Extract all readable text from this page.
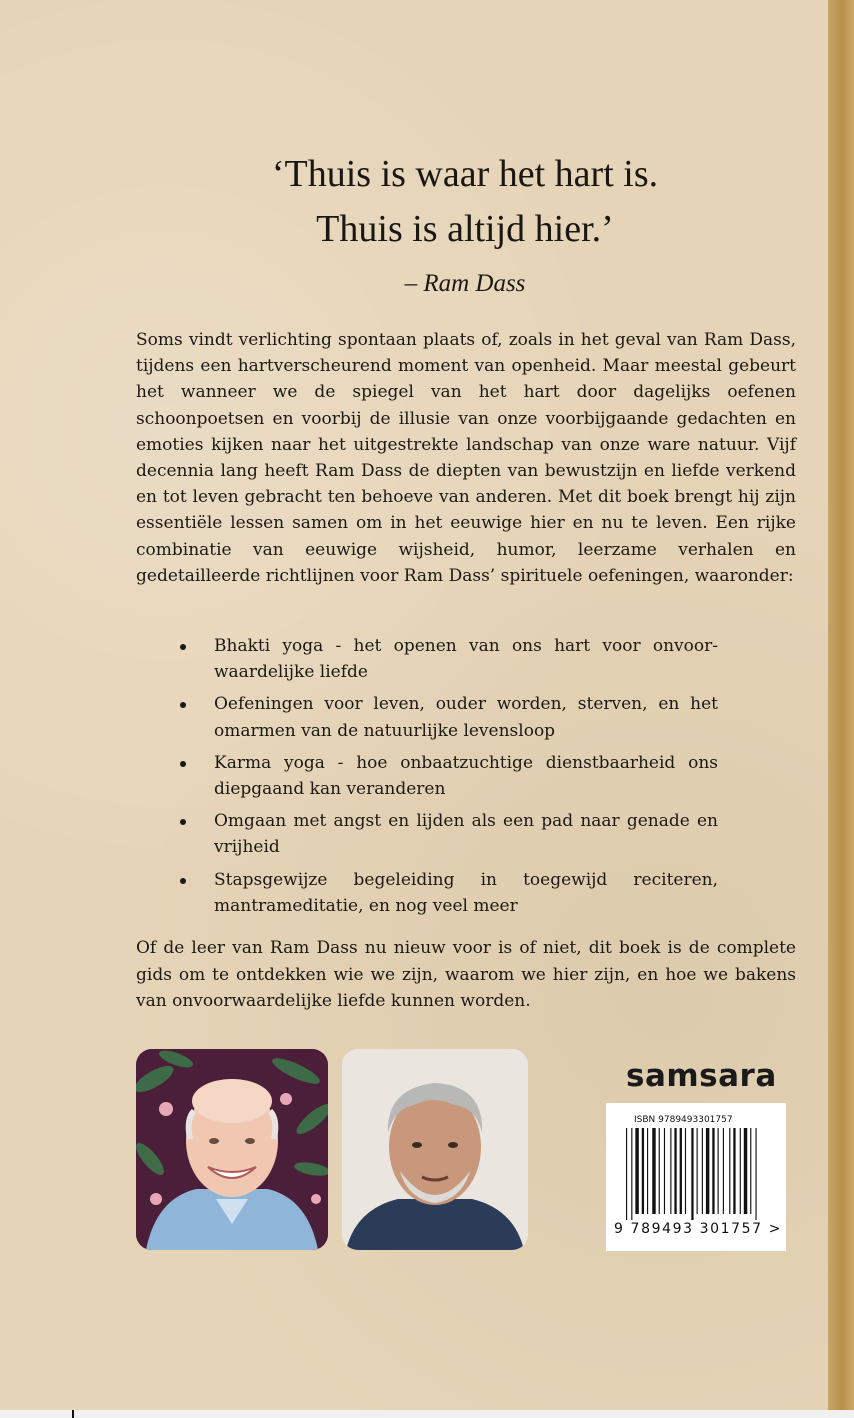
‘Thuis is waar het hart is.
Thuis is altijd hier.’
– Ram Dass
Soms vindt verlichting spontaan plaats of, zoals in het geval van Ram Dass, tijdens een hartverscheurend moment van openheid. Maar meestal gebeurt het wanneer we de spiegel van het hart door dagelijks oefenen schoonpoetsen en voorbij de illusie van onze voorbijgaande gedachten en emoties kijken naar het uitgestrekte landschap van onze ware natuur. Vijf decennia lang heeft Ram Dass de diepten van bewustzijn en liefde verkend en tot leven gebracht ten behoeve van anderen. Met dit boek brengt hij zijn essentiële lessen samen om in het eeuwige hier en nu te leven. Een rijke combinatie van eeuwige wijsheid, humor, leerzame verhalen en gedetailleerde richtlijnen voor Ram Dass’ spirituele oefeningen, waaronder:
Bhakti yoga - het openen van ons hart voor onvoorwaardelijke liefde
Oefeningen voor leven, ouder worden, sterven, en het omarmen van de natuurlijke levensloop
Karma yoga - hoe onbaatzuchtige dienstbaarheid ons diepgaand kan veranderen
Omgaan met angst en lijden als een pad naar genade en vrijheid
Stapsgewijze begeleiding in toegewijd reciteren, mantrameditatie, en nog veel meer
Of de leer van Ram Dass nu nieuw voor is of niet, dit boek is de complete gids om te ontdekken wie we zijn, waarom we hier zijn, en hoe we bakens van onvoorwaardelijke liefde kunnen worden.
samsara
ISBN 9789493301757
9 789493 301757 >
